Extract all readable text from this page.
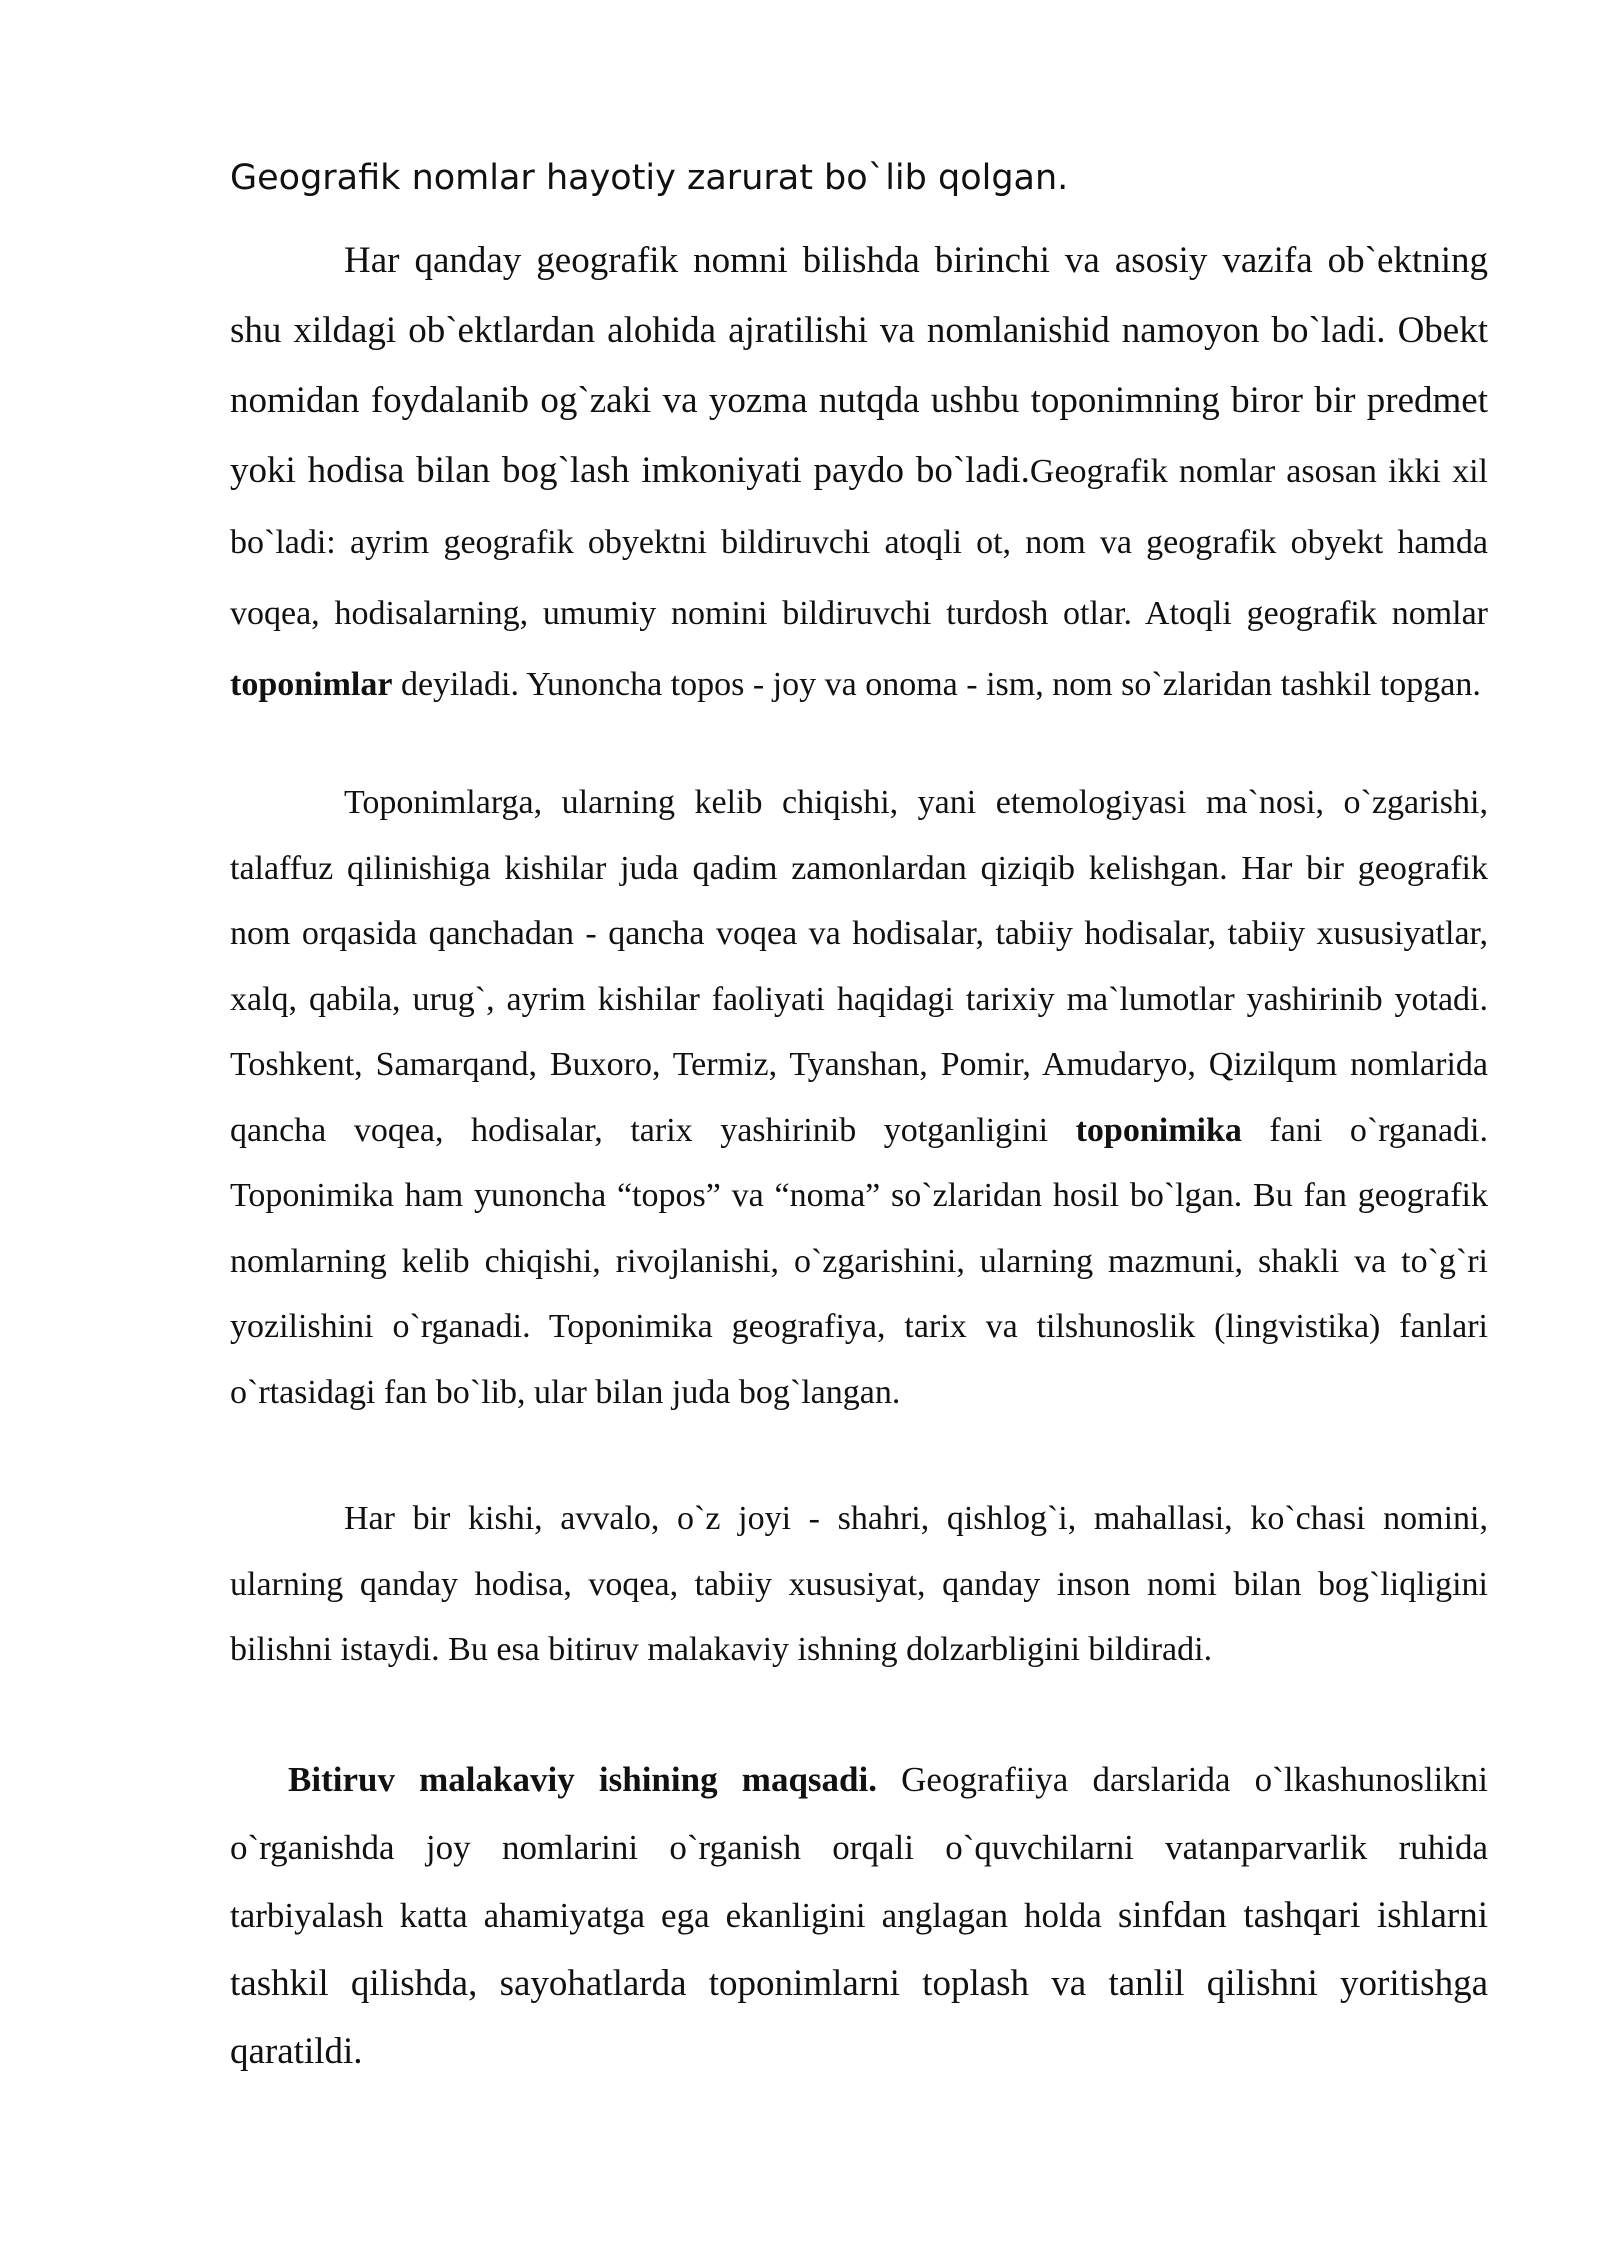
Geografik nomlar hayotiy zarurat bo`lib qolgan.

Har qanday geografik nomni bilishda birinchi va asosiy vazifa ob`ektning shu xildagi ob`ektlardan alohida ajratilishi va nomlanishid namoyon bo`ladi. Obekt nomidan foydalanib og`zaki va yozma nutqda ushbu toponimning biror bir predmet yoki hodisa bilan bog`lash imkoniyati paydo bo`ladi.Geografik nomlar asosan ikki xil bo`ladi: ayrim geografik obyektni bildiruvchi atoqli ot, nom va geografik obyekt hamda voqea, hodisalarning, umumiy nomini bildiruvchi turdosh otlar. Atoqli geografik nomlar toponimlar deyiladi. Yunoncha topos - joy va onoma - ism, nom so`zlaridan tashkil topgan.

Toponimlarga, ularning kelib chiqishi, yani etemologiyasi ma`nosi, o`zgarishi, talaffuz qilinishiga kishilar juda qadim zamonlardan qiziqib kelishgan. Har bir geografik nom orqasida qanchadan - qancha voqea va hodisalar, tabiiy hodisalar, tabiiy xususiyatlar, xalq, qabila, urug`, ayrim kishilar faoliyati haqidagi tarixiy ma`lumotlar yashirinib yotadi. Toshkent, Samarqand, Buxoro, Termiz, Tyanshan, Pomir, Amudaryo, Qizilqum nomlarida qancha voqea, hodisalar, tarix yashirinib yotganligini toponimika fani o`rganadi. Toponimika ham yunoncha “topos” va “noma” so`zlaridan hosil bo`lgan. Bu fan geografik nomlarning kelib chiqishi, rivojlanishi, o`zgarishini, ularning mazmuni, shakli va to`g`ri yozilishini o`rganadi. Toponimika geografiya, tarix va tilshunoslik (lingvistika) fanlari o`rtasidagi fan bo`lib, ular bilan juda bog`langan.

Har bir kishi, avvalo, o`z joyi - shahri, qishlog`i, mahallasi, ko`chasi nomini, ularning qanday hodisa, voqea, tabiiy xususiyat, qanday inson nomi bilan bog`liqligini bilishni istaydi. Bu esa bitiruv malakaviy ishning dolzarbligini bildiradi.

Bitiruv malakaviy ishining maqsadi. Geografiiya darslarida o`lkashunoslikni o`rganishda joy nomlarini o`rganish orqali o`quvchilarni vatanparvarlik ruhida tarbiyalash katta ahamiyatga ega ekanligini anglagan holda sinfdan tashqari ishlarni tashkil qilishda, sayohatlarda toponimlarni toplash va tanlil qilishni yoritishga qaratildi.
